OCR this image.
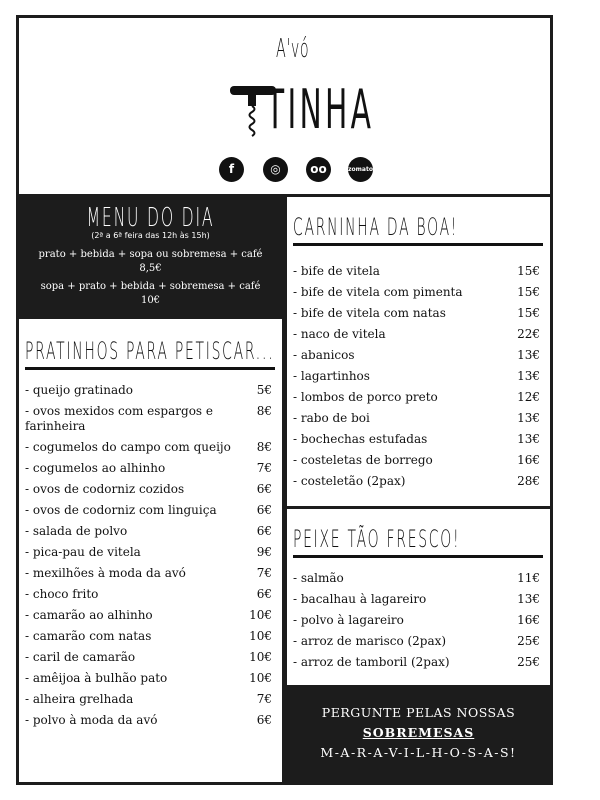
A'vó
TINHA
f	◎	oo	zomato
MENU DO DIA
(2ª a 6ª feira das 12h às 15h)
prato + bebida + sopa ou sobremesa + café
8,5€
sopa + prato + bebida + sobremesa + café
10€
PRATINHOS PARA PETISCAR...
- queijo gratinado	5€
- ovos mexidos com espargos e farinheira
8€
- cogumelos do campo com queijo	8€
- cogumelos ao alhinho	7€
- ovos de codorniz cozidos	6€
- ovos de codorniz com linguiça	6€
- salada de polvo	6€
- pica-pau de vitela	9€
- mexilhões à moda da avó	7€
- choco frito	6€
- camarão ao alhinho	10€
- camarão com natas	10€
- caril de camarão	10€
- amêijoa à bulhão pato	10€
- alheira grelhada	7€
- polvo à moda da avó	6€
CARNINHA DA BOA!
- bife de vitela	15€
- bife de vitela com pimenta	15€
- bife de vitela com natas	15€
- naco de vitela	22€
- abanicos	13€
- lagartinhos	13€
- lombos de porco preto	12€
- rabo de boi	13€
- bochechas estufadas	13€
- costeletas de borrego	16€
- costeletão (2pax)	28€
PEIXE TÃO FRESCO!
- salmão	11€
- bacalhau à lagareiro	13€
- polvo à lagareiro	16€
- arroz de marisco (2pax)	25€
- arroz de tamboril (2pax)	25€
PERGUNTE PELAS NOSSAS
SOBREMESAS
M-A-R-A-V-I-L-H-O-S-A-S!
